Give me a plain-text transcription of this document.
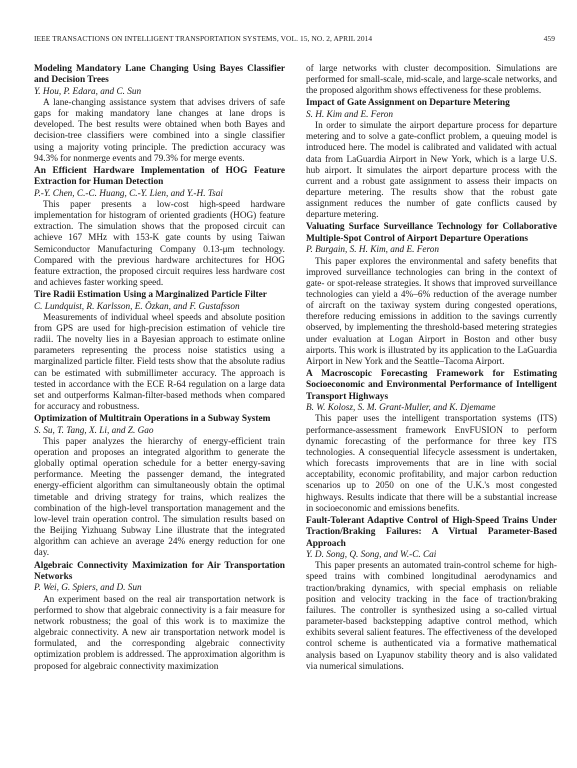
IEEE TRANSACTIONS ON INTELLIGENT TRANSPORTATION SYSTEMS, VOL. 15, NO. 2, APRIL 2014	459
Modeling Mandatory Lane Changing Using Bayes Classifier and Decision Trees
Y. Hou, P. Edara, and C. Sun

A lane-changing assistance system that advises drivers of safe gaps for making mandatory lane changes at lane drops is developed. The best results were obtained when both Bayes and decision-tree classifiers were combined into a single classifier using a majority voting principle. The prediction accuracy was 94.3% for nonmerge events and 79.3% for merge events.

An Efficient Hardware Implementation of HOG Feature Extraction for Human Detection
P.-Y. Chen, C.-C. Huang, C.-Y. Lien, and Y.-H. Tsai

This paper presents a low-cost high-speed hardware implementation for histogram of oriented gradients (HOG) feature extraction. The simulation shows that the proposed circuit can achieve 167 MHz with 153-K gate counts by using Taiwan Semiconductor Manufacturing Company 0.13-μm technology. Compared with the previous hardware architectures for HOG feature extraction, the proposed circuit requires less hardware cost and achieves faster working speed.

Tire Radii Estimation Using a Marginalized Particle Filter
C. Lundquist, R. Karlsson, E. Özkan, and F. Gustafsson

Measurements of individual wheel speeds and absolute position from GPS are used for high-precision estimation of vehicle tire radii. The novelty lies in a Bayesian approach to estimate online parameters representing the process noise statistics using a marginalized particle filter. Field tests show that the absolute radius can be estimated with submillimeter accuracy. The approach is tested in accordance with the ECE R-64 regulation on a large data set and outperforms Kalman-filter-based methods when compared for accuracy and robustness.

Optimization of Multitrain Operations in a Subway System
S. Su, T. Tang, X. Li, and Z. Gao

This paper analyzes the hierarchy of energy-efficient train operation and proposes an integrated algorithm to generate the globally optimal operation schedule for a better energy-saving performance. Meeting the passenger demand, the integrated energy-efficient algorithm can simultaneously obtain the optimal timetable and driving strategy for trains, which realizes the combination of the high-level transportation management and the low-level train operation control. The simulation results based on the Beijing Yizhuang Subway Line illustrate that the integrated algorithm can achieve an average 24% energy reduction for one day.

Algebraic Connectivity Maximization for Air Transportation Networks
P. Wei, G. Spiers, and D. Sun

An experiment based on the real air transportation network is performed to show that algebraic connectivity is a fair measure for network robustness; the goal of this work is to maximize the algebraic connectivity. A new air transportation network model is formulated, and the corresponding algebraic connectivity optimization problem is addressed. The approximation algorithm is proposed for algebraic connectivity maximization

of large networks with cluster decomposition. Simulations are performed for small-scale, mid-scale, and large-scale networks, and the proposed algorithm shows effectiveness for these problems.

Impact of Gate Assignment on Departure Metering
S. H. Kim and E. Feron

In order to simulate the airport departure process for departure metering and to solve a gate-conflict problem, a queuing model is introduced here. The model is calibrated and validated with actual data from LaGuardia Airport in New York, which is a large U.S. hub airport. It simulates the airport departure process with the current and a robust gate assignment to assess their impacts on departure metering. The results show that the robust gate assignment reduces the number of gate conflicts caused by departure metering.

Valuating Surface Surveillance Technology for Collaborative Multiple-Spot Control of Airport Departure Operations
P. Burgain, S. H. Kim, and E. Feron

This paper explores the environmental and safety benefits that improved surveillance technologies can bring in the context of gate- or spot-release strategies. It shows that improved surveillance technologies can yield a 4%–6% reduction of the average number of aircraft on the taxiway system during congested operations, therefore reducing emissions in addition to the savings currently observed, by implementing the threshold-based metering strategies under evaluation at Logan Airport in Boston and other busy airports. This work is illustrated by its application to the LaGuardia Airport in New York and the Seattle–Tacoma Airport.

A Macroscopic Forecasting Framework for Estimating Socioeconomic and Environmental Performance of Intelligent Transport Highways
B. W. Kolosz, S. M. Grant-Muller, and K. Djemame

This paper uses the intelligent transportation systems (ITS) performance-assessment framework EnvFUSION to perform dynamic forecasting of the performance for three key ITS technologies. A consequential lifecycle assessment is undertaken, which forecasts improvements that are in line with social acceptability, economic profitability, and major carbon reduction scenarios up to 2050 on one of the U.K.'s most congested highways. Results indicate that there will be a substantial increase in socioeconomic and emissions benefits.

Fault-Tolerant Adaptive Control of High-Speed Trains Under Traction/Braking Failures: A Virtual Parameter-Based Approach
Y. D. Song, Q. Song, and W.-C. Cai

This paper presents an automated train-control scheme for high-speed trains with combined longitudinal aerodynamics and traction/braking dynamics, with special emphasis on reliable position and velocity tracking in the face of traction/braking failures. The controller is synthesized using a so-called virtual parameter-based backstepping adaptive control method, which exhibits several salient features. The effectiveness of the developed control scheme is authenticated via a formative mathematical analysis based on Lyapunov stability theory and is also validated via numerical simulations.
